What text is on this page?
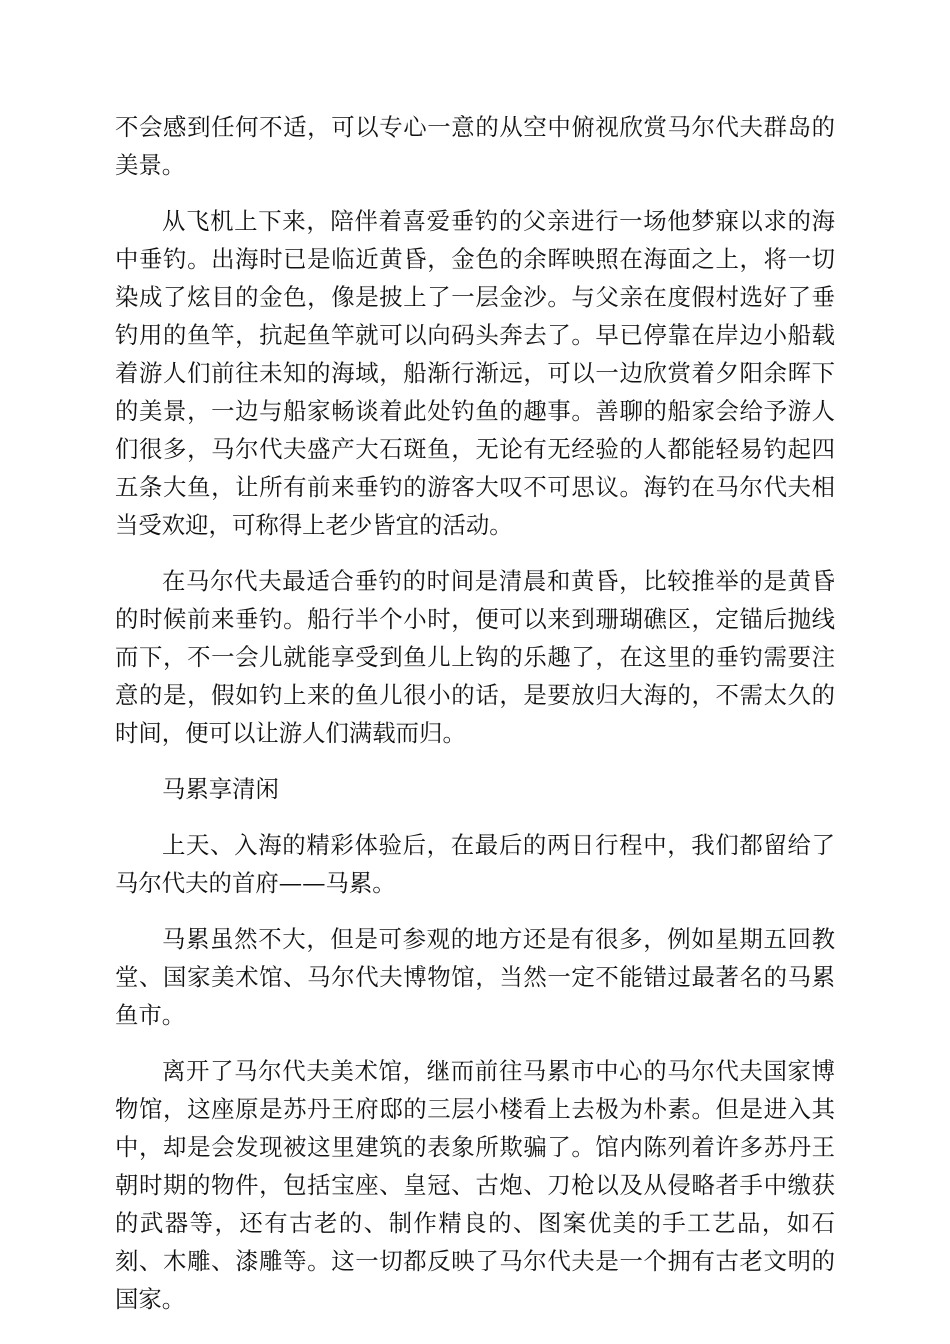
不会感到任何不适，可以专心一意的从空中俯视欣赏马尔代夫群岛的美景。

从飞机上下来，陪伴着喜爱垂钓的父亲进行一场他梦寐以求的海中垂钓。出海时已是临近黄昏，金色的余晖映照在海面之上，将一切染成了炫目的金色，像是披上了一层金沙。与父亲在度假村选好了垂钓用的鱼竿，抗起鱼竿就可以向码头奔去了。早已停靠在岸边小船载着游人们前往未知的海域，船渐行渐远，可以一边欣赏着夕阳余晖下的美景，一边与船家畅谈着此处钓鱼的趣事。善聊的船家会给予游人们很多，马尔代夫盛产大石斑鱼，无论有无经验的人都能轻易钓起四五条大鱼，让所有前来垂钓的游客大叹不可思议。海钓在马尔代夫相当受欢迎，可称得上老少皆宜的活动。

在马尔代夫最适合垂钓的时间是清晨和黄昏，比较推举的是黄昏的时候前来垂钓。船行半个小时，便可以来到珊瑚礁区，定锚后抛线而下，不一会儿就能享受到鱼儿上钩的乐趣了，在这里的垂钓需要注意的是，假如钓上来的鱼儿很小的话，是要放归大海的，不需太久的时间，便可以让游人们满载而归。

马累享清闲

上天、入海的精彩体验后，在最后的两日行程中，我们都留给了马尔代夫的首府——马累。

马累虽然不大，但是可参观的地方还是有很多，例如星期五回教堂、国家美术馆、马尔代夫博物馆，当然一定不能错过最著名的马累鱼市。

离开了马尔代夫美术馆，继而前往马累市中心的马尔代夫国家博物馆，这座原是苏丹王府邸的三层小楼看上去极为朴素。但是进入其中，却是会发现被这里建筑的表象所欺骗了。馆内陈列着许多苏丹王朝时期的物件，包括宝座、皇冠、古炮、刀枪以及从侵略者手中缴获的武器等，还有古老的、制作精良的、图案优美的手工艺品，如石刻、木雕、漆雕等。这一切都反映了马尔代夫是一个拥有古老文明的国家。
